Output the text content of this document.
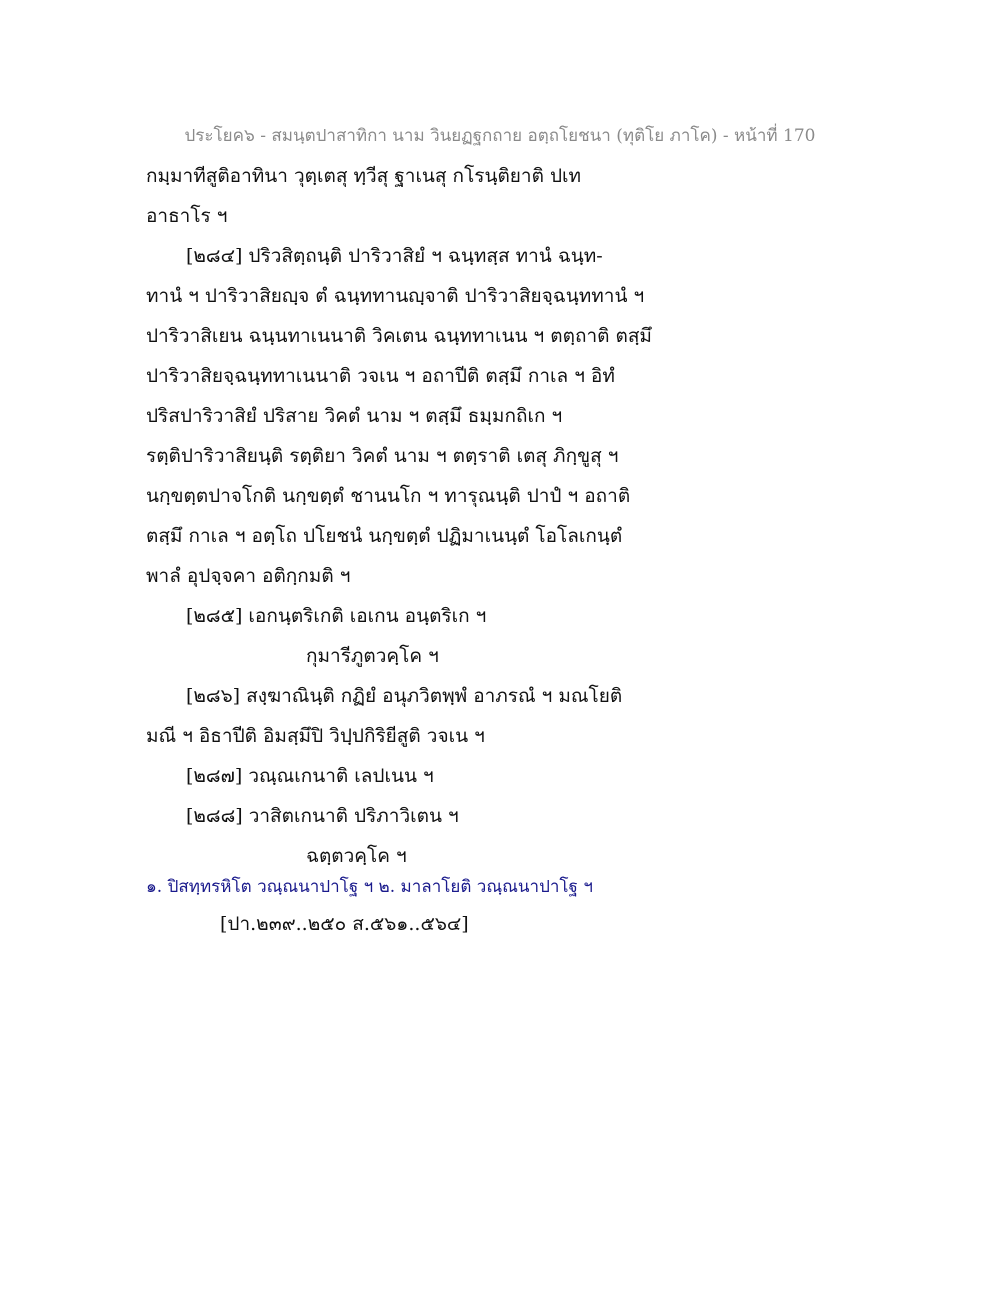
ประโยค๖ - สมนฺตปาสาทิกา นาม วินยฏฐกถาย อตฺถโยชนา (ทุติโย ภาโค) - หน้าที่ 170
กมฺมาทีสูติอาทินา วุตฺเตสุ ทฺวีสุ ฐาเนสุ กโรนฺติยาติ ปเท
อาธาโร ฯ
[๒๘๔] ปริวสิตฺถนฺติ ปาริวาสิยํ ฯ ฉนฺทสฺส ทานํ ฉนฺท-
ทานํ ฯ ปาริวาสิยญฺจ ตํ ฉนฺททานญฺจาติ ปาริวาสิยจฺฉนฺททานํ ฯ
ปาริวาสิเยน ฉนฺนทาเนนาติ วิคเตน ฉนฺททาเนน ฯ ตตฺถาติ ตสฺมึ
ปาริวาสิยจฺฉนฺททาเนนาติ วจเน ฯ อถาปีติ ตสฺมึ กาเล ฯ อิทํ
ปริสปาริวาสิยํ ปริสาย วิคตํ นาม ฯ ตสฺมึ ธมฺมกถิเก ฯ
รตฺติปาริวาสิยนฺติ รตฺติยา วิคตํ นาม ฯ ตตฺราติ เตสุ ภิกฺขูสุ ฯ
นกฺขตฺตปาจโกติ นกฺขตฺตํ ชานนโก ฯ ทารุณนฺติ ปาปํ ฯ อถาติ
ตสฺมึ กาเล ฯ อตฺโถ ปโยชนํ นกฺขตฺตํ ปฏิมาเนนฺตํ โอโลเกนฺตํ
พาลํ อุปจฺจคา อติกฺกมติ ฯ
[๒๘๕] เอกนฺตริเกติ เอเกน อนฺตริเก ฯ
กุมารีภูตวคฺโค ฯ
[๒๘๖] สงฺฆาณินฺติ กฏิยํ อนุภวิตพฺพํ อาภรณํ ฯ มณโยติ
มณี ฯ อิธาปีติ อิมสฺมึปิ วิปฺปกิริยีสูติ วจเน ฯ
[๒๘๗] วณฺณเกนาติ เลปเนน ฯ
[๒๘๘] วาสิตเกนาติ ปริภาวิเตน ฯ
ฉตฺตวคฺโค ฯ
๑. ปิสทฺทรหิโต วณฺณนาปาโฐ ฯ ๒. มาลาโยติ วณฺณนาปาโฐ ฯ
[ปา.๒๓๙..๒๕๐ ส.๕๖๑..๕๖๔]
